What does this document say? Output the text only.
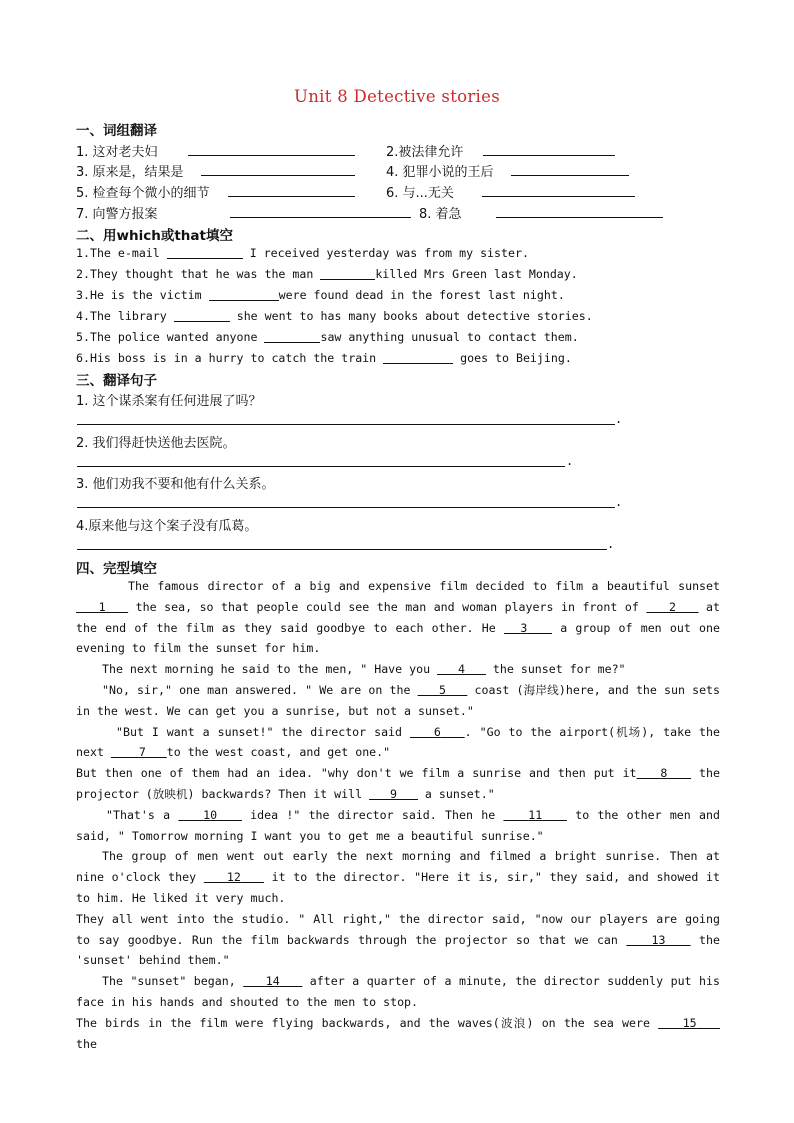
Unit 8 Detective stories
一、词组翻译
1. 这对老夫妇	2.被法律允许
3. 原来是，结果是	4. 犯罪小说的王后
5. 检查每个微小的细节	6. 与...无关
7. 向警方报案	8. 着急
二、用which或that填空
1.The e-mail	I received yesterday was from my sister.
2.They thought that he was the man	killed Mrs Green last Monday.
3.He is the victim	were found dead in the forest last night.
4.The library	she went to has many books about detective stories.
5.The police wanted anyone	saw anything unusual to contact them.
6.His boss is in a hurry to catch the train	goes to Beijing.
三、翻译句子
1. 这个谋杀案有任何进展了吗？
.
2. 我们得赶快送他去医院。
.
3. 他们劝我不要和他有什么关系。
.
4.原来他与这个案子没有瓜葛。
.
四、完型填空
The famous director of a big and expensive film decided to film a beautiful sunset    1	the sea, so that people could see the man and woman players in front of	2	at the end of the film as they said goodbye to each other. He 3	a group of men out one evening to film the sunset for him.
The next morning he said to the men, " Have you 4 the sunset for me?"
"No, sir," one man answered. " We are on the 5 coast (海岸线)here, and the sun sets in the west. We can get you a sunrise, but not a sunset."
"But I want a sunset!" the director said	6 . "Go to the airport(机场), take the next	7 to the west coast, and get one."
But then one of them had an idea. "why don't we film a sunrise and then put it 8	the projector (放映机) backwards? Then it will 9 a sunset."
"That's a	10	idea !" the director said. Then he	11	to the other men and said, " Tomorrow morning I want you to get me a beautiful sunrise."
The group of men went out early the next morning and filmed a bright sunrise. Then at nine o'clock they	12	it to the director. "Here it is, sir," they said, and showed it to him. He liked it very much.
They all went into the studio. " All right," the director said, "now our players are going to say goodbye. Run the film backwards through the projector so that we can	13	the 'sunset' behind them."
The "sunset" began,	14	after a quarter of a minute, the director suddenly put his face in his hands and shouted to the men to stop.
The birds in the film were flying backwards, and the waves(波浪) on the sea were	15    the
